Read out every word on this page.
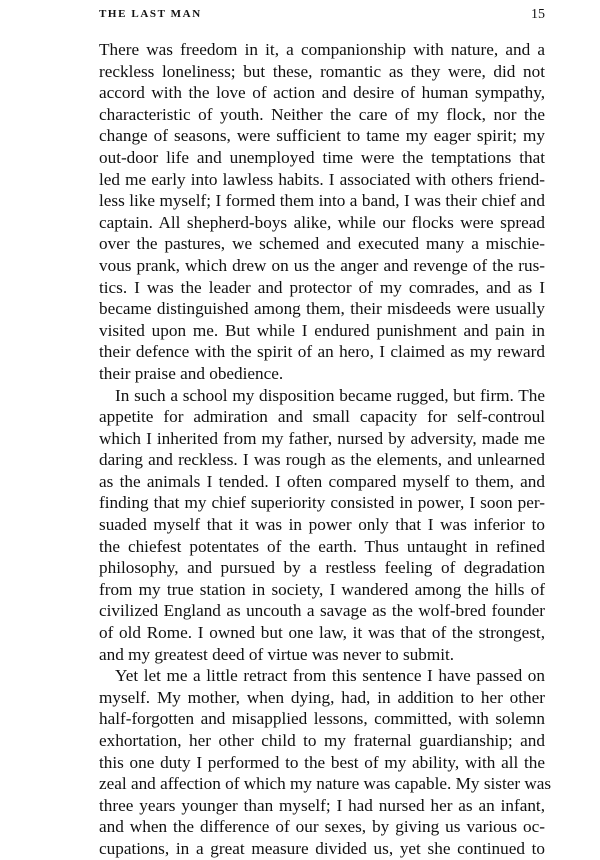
THE LAST MAN	15
There was freedom in it, a companionship with nature, and a
reckless loneliness; but these, romantic as they were, did not
accord with the love of action and desire of human sympathy,
characteristic of youth. Neither the care of my flock, nor the
change of seasons, were sufficient to tame my eager spirit; my
out-door life and unemployed time were the temptations that
led me early into lawless habits. I associated with others friend-
less like myself; I formed them into a band, I was their chief and
captain. All shepherd-boys alike, while our flocks were spread
over the pastures, we schemed and executed many a mischie-
vous prank, which drew on us the anger and revenge of the rus-
tics. I was the leader and protector of my comrades, and as I
became distinguished among them, their misdeeds were usually
visited upon me. But while I endured punishment and pain in
their defence with the spirit of an hero, I claimed as my reward
their praise and obedience.
In such a school my disposition became rugged, but firm. The
appetite for admiration and small capacity for self-controul
which I inherited from my father, nursed by adversity, made me
daring and reckless. I was rough as the elements, and unlearned
as the animals I tended. I often compared myself to them, and
finding that my chief superiority consisted in power, I soon per-
suaded myself that it was in power only that I was inferior to
the chiefest potentates of the earth. Thus untaught in refined
philosophy, and pursued by a restless feeling of degradation
from my true station in society, I wandered among the hills of
civilized England as uncouth a savage as the wolf-bred founder
of old Rome. I owned but one law, it was that of the strongest,
and my greatest deed of virtue was never to submit.
Yet let me a little retract from this sentence I have passed on
myself. My mother, when dying, had, in addition to her other
half-forgotten and misapplied lessons, committed, with solemn
exhortation, her other child to my fraternal guardianship; and
this one duty I performed to the best of my ability, with all the
zeal and affection of which my nature was capable. My sister was
three years younger than myself; I had nursed her as an infant,
and when the difference of our sexes, by giving us various oc-
cupations, in a great measure divided us, yet she continued to
